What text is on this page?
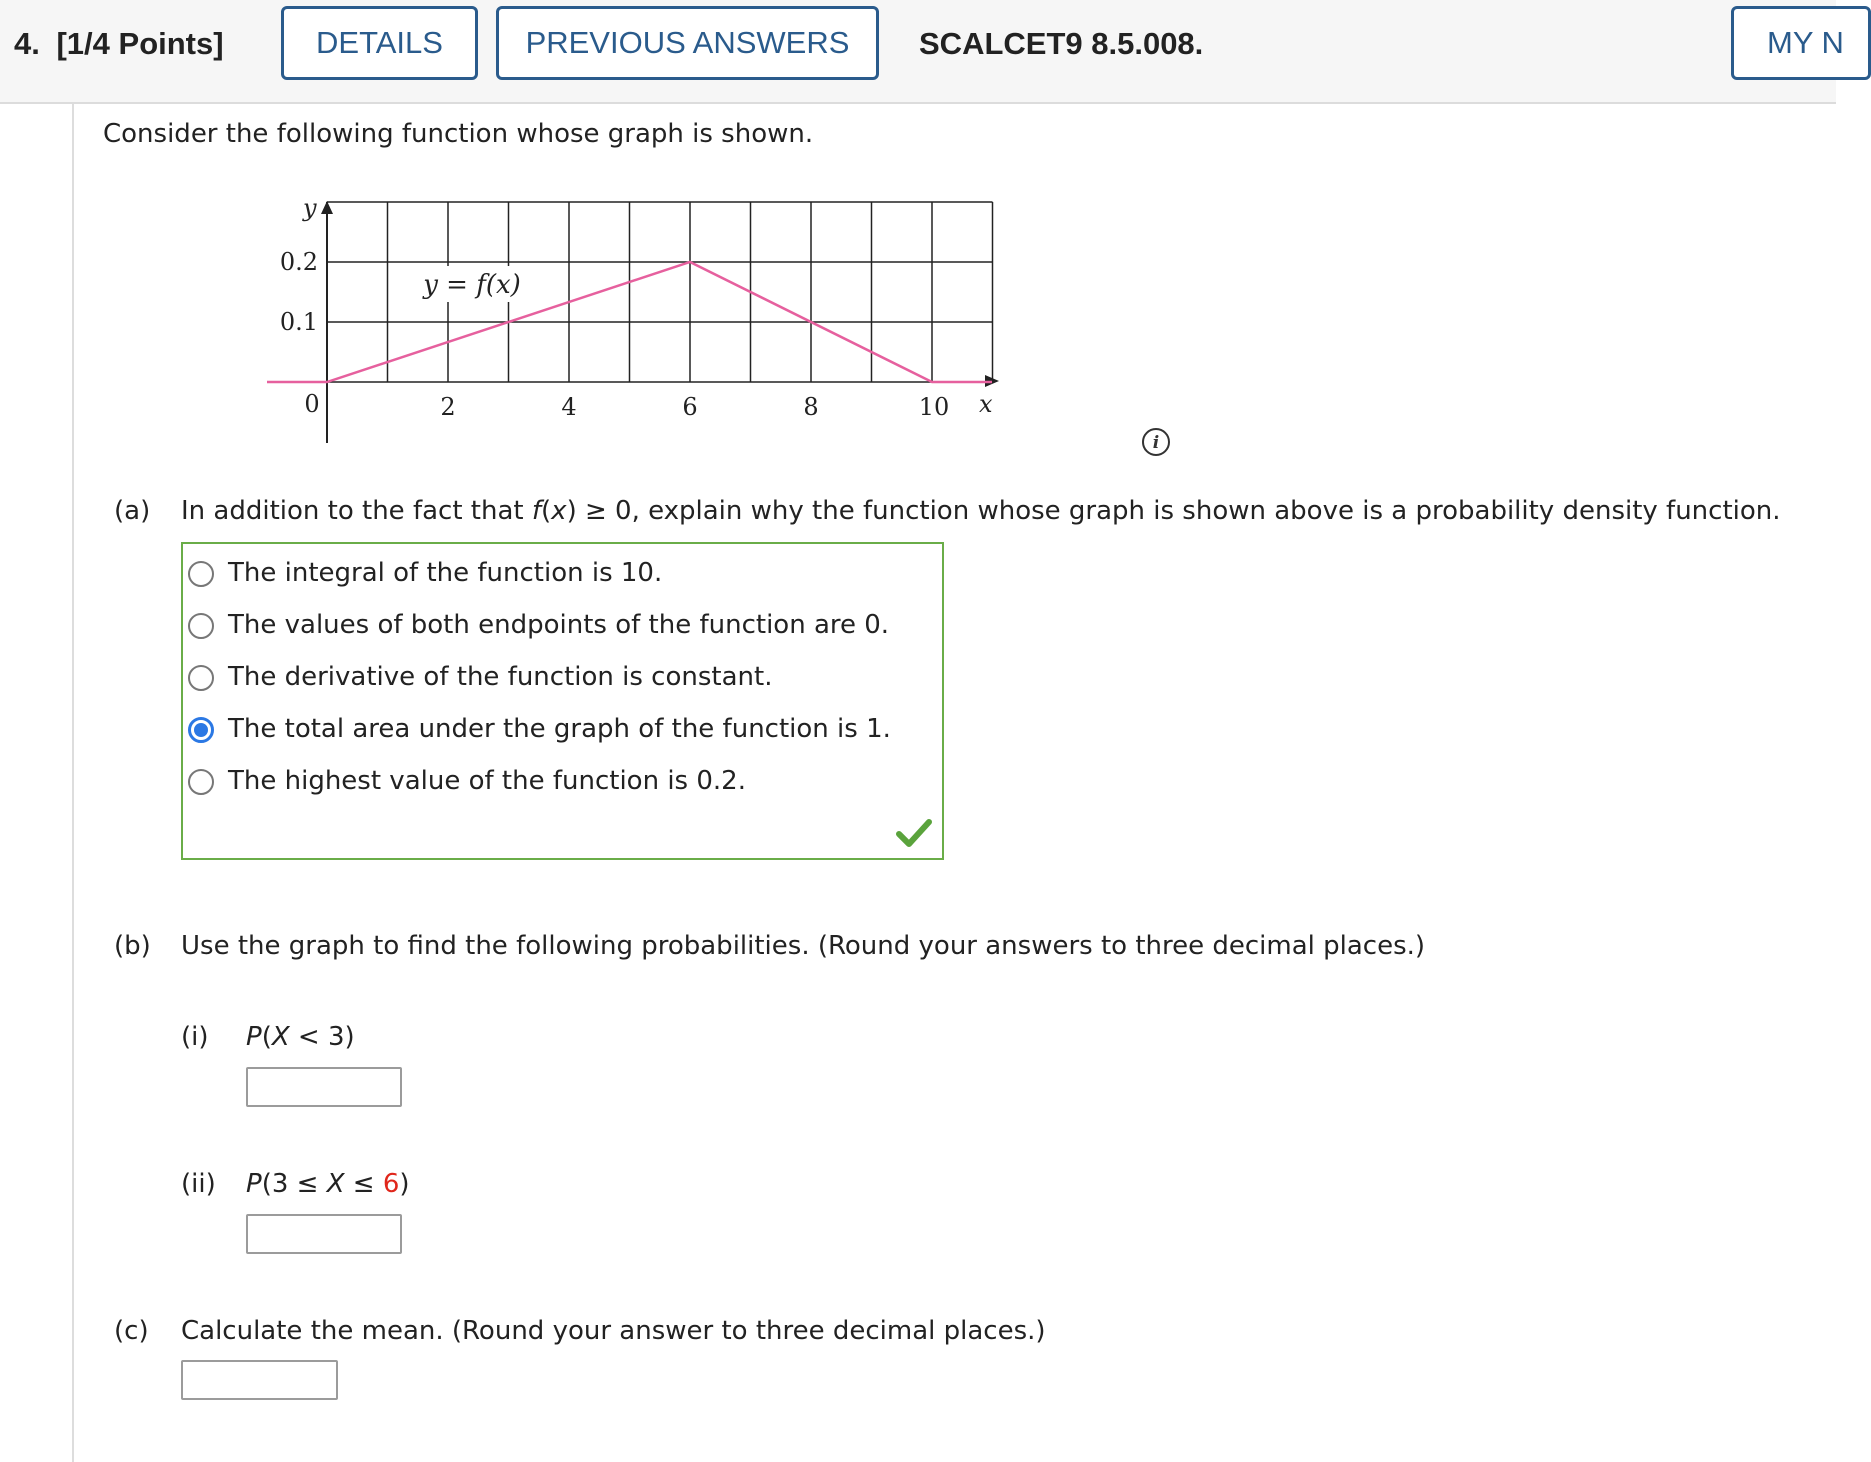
4. [1/4 Points]	DETAILS	PREVIOUS ANSWERS	SCALCET9 8.5.008.	MY N
Consider the following function whose graph is shown.
y
x
0.2
0.1
0	2	4	6	8	10
y = f(x)
i
(a) In addition to the fact that f(x) ≥ 0, explain why the function whose graph is shown above is a probability density function.
The integral of the function is 10.
The values of both endpoints of the function are 0.
The derivative of the function is constant.
The total area under the graph of the function is 1.
The highest value of the function is 0.2.
(b) Use the graph to find the following probabilities. (Round your answers to three decimal places.)
(i) P(X < 3)
(ii) P(3 ≤ X ≤ 6)
(c) Calculate the mean. (Round your answer to three decimal places.)
